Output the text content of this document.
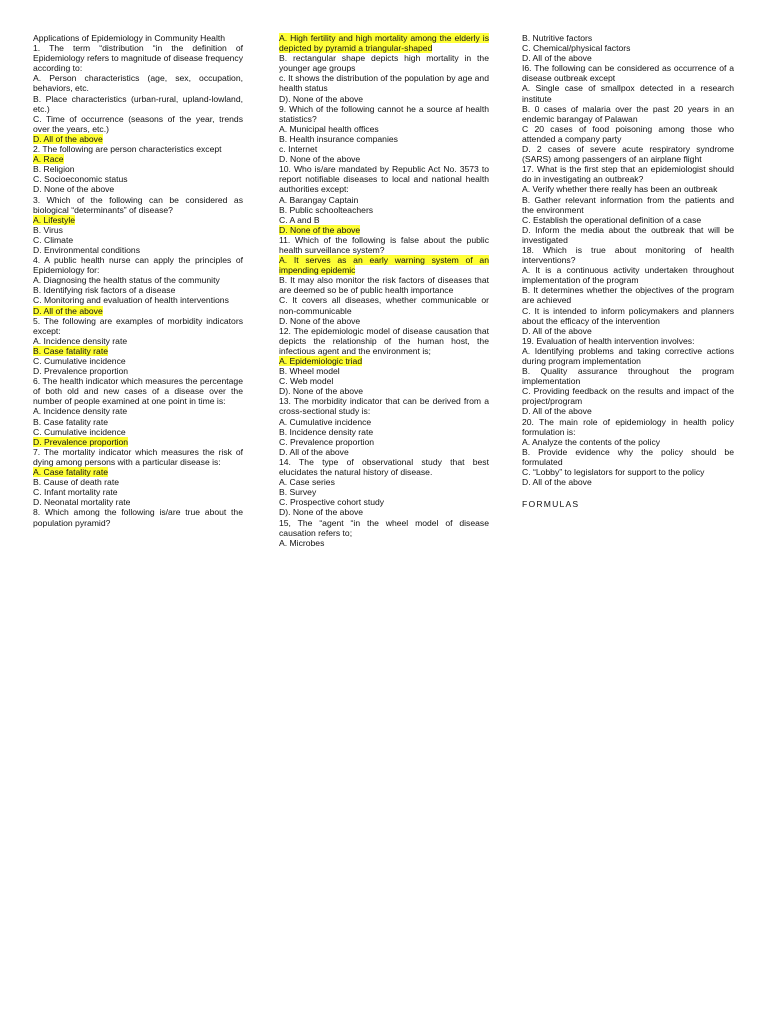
Applications of Epidemiology in Community Health
1. The term “distribution “in the definition of Epidemiology refers to magnitude of disease frequency according to:
A. Person characteristics (age, sex, occupation, behaviors, etc.
B. Place characteristics (urban-rural, upland-lowland, etc.)
C. Time of occurrence (seasons of the year, trends over the years, etc.)
D. All of the above
2. The following are person characteristics except
A. Race
B. Religion
C. Socioeconomic status
D. None of the above
3. Which of the following can be considered as biological “determinants” of disease?
A. Lifestyle
B. Virus
C. Climate
D. Environmental conditions
4. A public health nurse can apply the principles of Epidemiology for:
A. Diagnosing the health status of the community
B. Identifying risk factors of a disease
C. Monitoring and evaluation of health interventions
D. All of the above
5. The following are examples of morbidity indicators except:
A. Incidence density rate
B. Case fatality rate
C. Cumulative incidence
D. Prevalence proportion
6. The health indicator which measures the percentage of both old and new cases of a disease over the number of people examined at one point in time is:
A. Incidence density rate
B. Case fatality rate
C. Cumulative incidence
D. Prevalence proportion
7. The mortality indicator which measures the risk of dying among persons with a particular disease is:
A. Case fatality rate
B. Cause of death rate
C. Infant mortality rate
D. Neonatal mortality rate
8. Which among the following is/are true about the population pyramid?
A. High fertility and high mortality among the elderly is depicted by pyramid a triangular-shaped
B. rectangular shape depicts high mortality in the younger age groups
c. It shows the distribution of the population by age and health status
D). None of the above
9. Which of the following cannot he a source af health statistics?
A. Municipal health offices
B. Health insurance companies
c. Internet
D. None of the above
10. Who is/are mandated by Republic Act No. 3573 to report notifiable diseases to local and national health authorities except:
A. Barangay Captain
B. Public schoolteachers
C. A and B
D. None of the above
11. Which of the following is false about the public health surveillance system?
A. It serves as an early warning system of an impending epidemic
B. It may also monitor the risk factors of diseases that are deemed so be of public health importance
C. It covers all diseases, whether communicable or non-communicable
D. None of the above
12. The epidemiologic model of disease causation that depicts the relationship of the human host, the infectious agent and the environment is;
A. Epidemiologic triad
B. Wheel model
C. Web model
D). None of the above
13. The morbidity indicator that can be derived from a cross-sectional study is:
A. Cumulative incidence
B. Incidence density rate
C. Prevalence proportion
D. All of the above
14. The type of observational study that best elucidates the natural history of disease.
A. Case series
B. Survey
C. Prospective cohort study
D). None of the above
15, The “agent “in the wheel model of disease causation refers to;
A. Microbes
B. Nutritive factors
C. Chemical/physical factors
D. All of the above
I6. The following can be considered as occurrence of a disease outbreak except
A. Single case of smallpox detected in a research institute
B. 0 cases of malaria over the past 20 years in an endemic barangay of Palawan
C 20 cases of food poisoning among those who attended a company party
D. 2 cases of severe acute respiratory syndrome (SARS) among passengers of an airplane flight
17. What is the first step that an epidemiologist should do in investigating an outbreak?
A. Verify whether there really has been an outbreak
B. Gather relevant information from the patients and the environment
C. Establish the operational definition of a case
D. Inform the media about the outbreak that will be investigated
18. Which is true about monitoring of health interventions?
A. It is a continuous activity undertaken throughout implementation of the program
B. It determines whether the objectives of the program are achieved
C. It is intended to inform policymakers and planners about the efficacy of the intervention
D. All of the above
19. Evaluation of health intervention involves:
A. Identifying problems and taking corrective actions during program implementation
B. Quality assurance throughout the program implementation
C. Providing feedback on the results and impact of the project/program
D. All of the above
20. The main role of epidemiology in health policy formulation is:
A. Analyze the contents of the policy
B. Provide evidence why the policy should be formulated
C. “Lobby” to legislators for support to the policy
D. All of the above
FORMULAS
